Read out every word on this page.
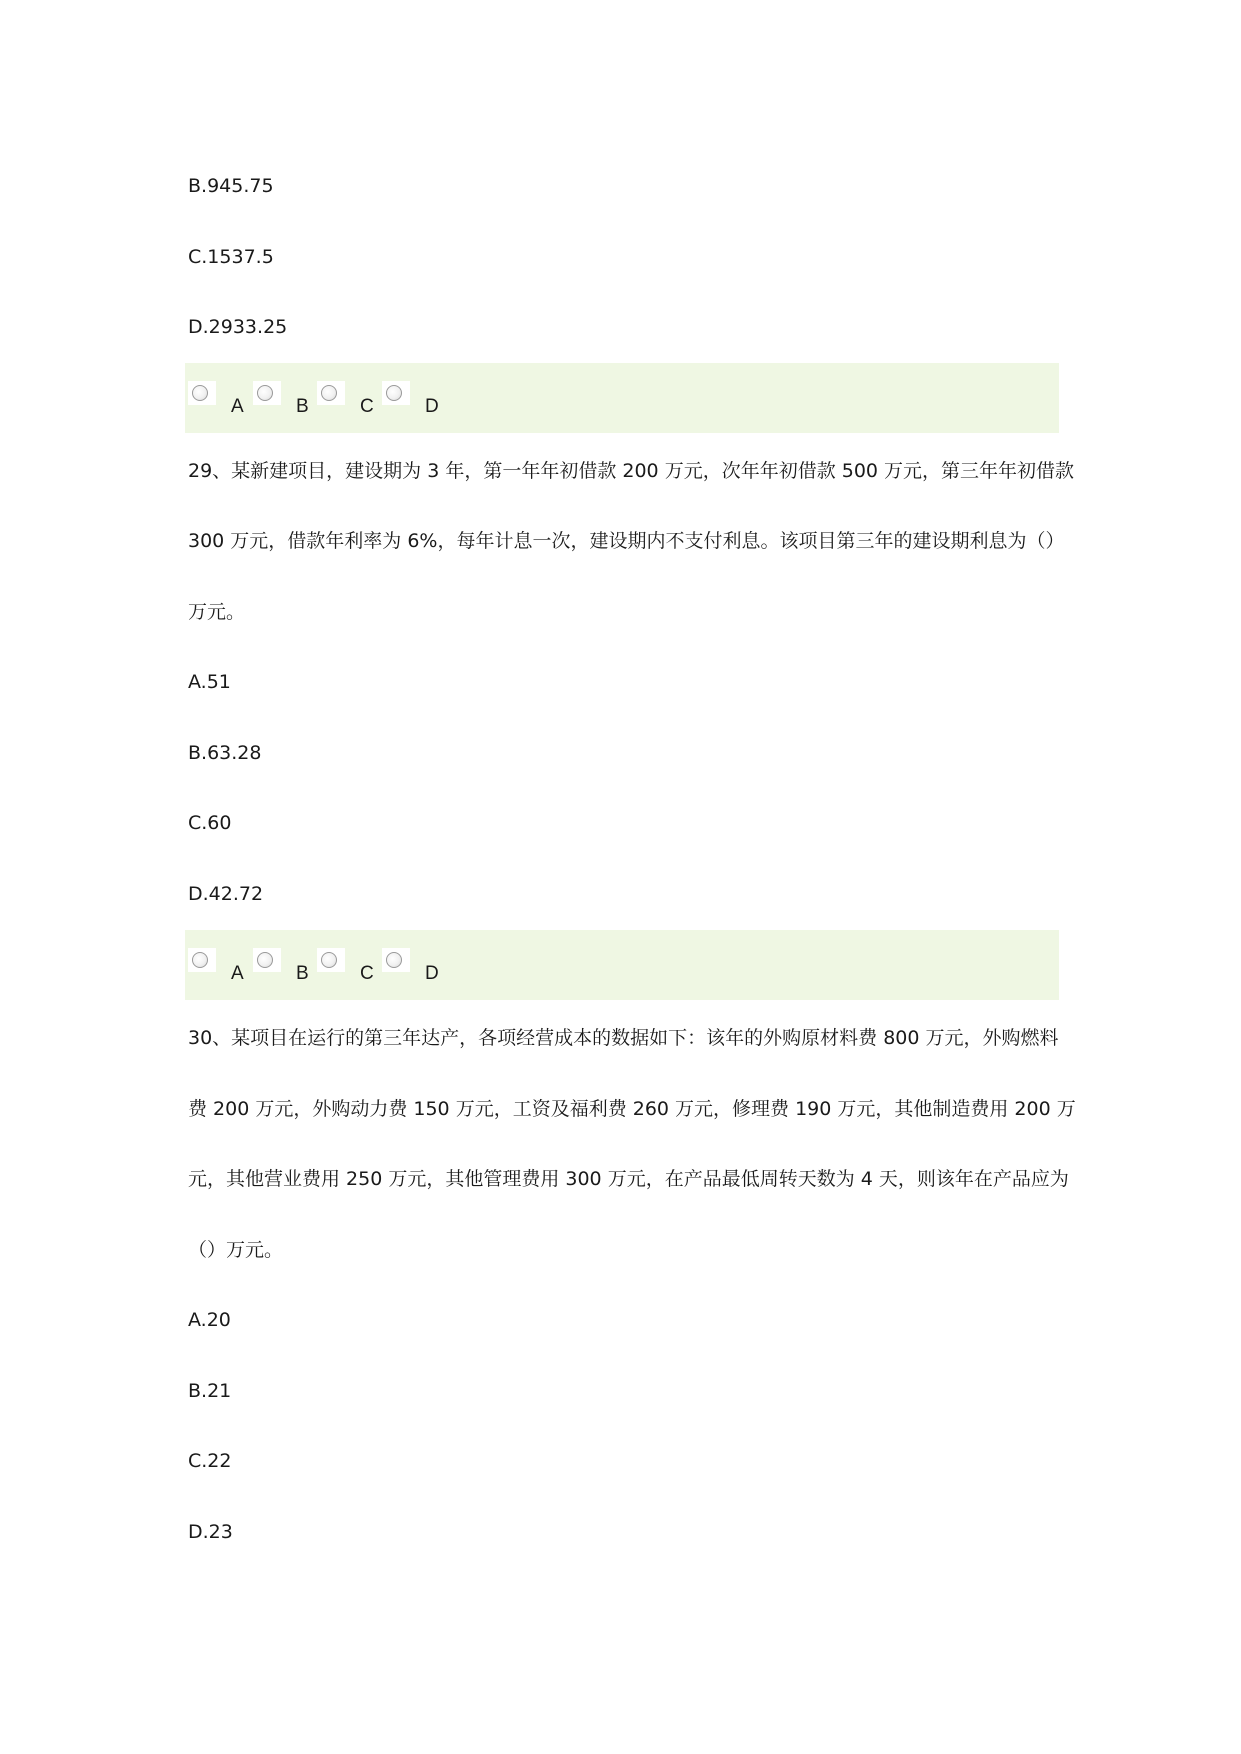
B.945.75
C.1537.5
D.2933.25
A	B	C	D
29、某新建项目，建设期为 3 年，第一年年初借款 200 万元，次年年初借款 500 万元，第三年年初借款
300 万元，借款年利率为 6%，每年计息一次，建设期内不支付利息。该项目第三年的建设期利息为（）
万元。
A.51
B.63.28
C.60
D.42.72
A	B	C	D
30、某项目在运行的第三年达产，各项经营成本的数据如下：该年的外购原材料费 800 万元，外购燃料
费 200 万元，外购动力费 150 万元，工资及福利费 260 万元，修理费 190 万元，其他制造费用 200 万
元，其他营业费用 250 万元，其他管理费用 300 万元，在产品最低周转天数为 4 天，则该年在产品应为
（）万元。
A.20
B.21
C.22
D.23
